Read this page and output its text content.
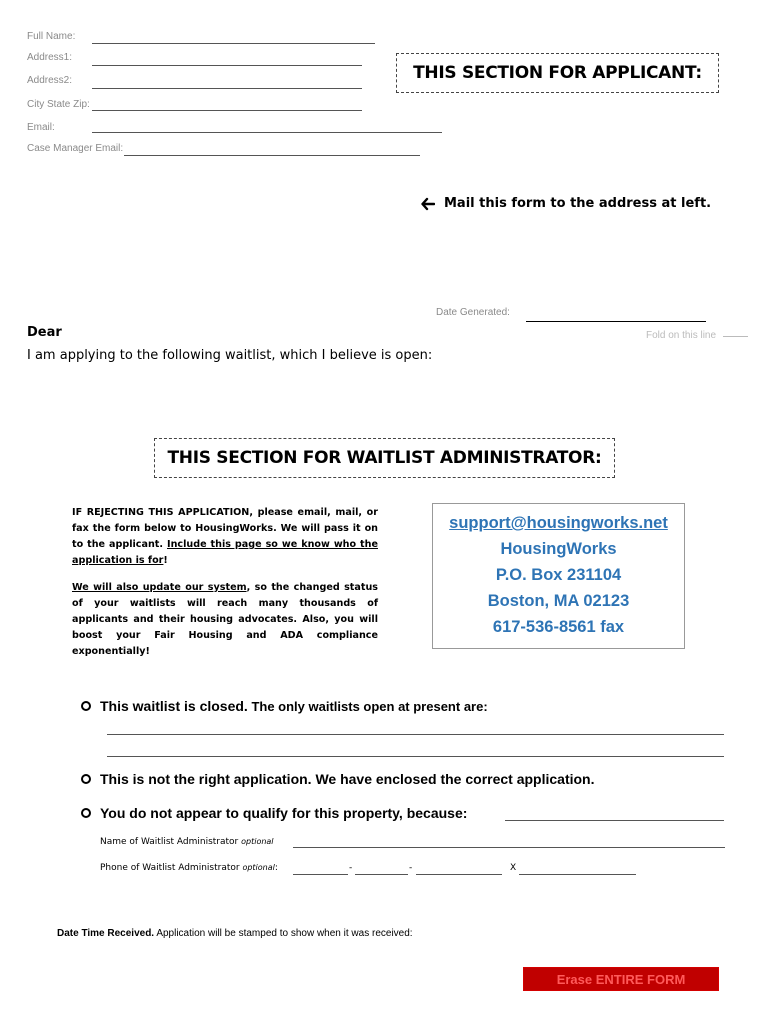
Full Name:
Address1:
Address2:
City State Zip:
Email:
Case Manager Email:
THIS SECTION FOR APPLICANT:
Mail this form to the address at left.
Date Generated:
Fold on this line
Dear
I am applying to the following waitlist, which I believe is open:
THIS SECTION FOR WAITLIST ADMINISTRATOR:
IF REJECTING THIS APPLICATION, please email, mail, or fax the form below to HousingWorks. We will pass it on to the applicant. Include this page so we know who the application is for!
We will also update our system, so the changed status of your waitlists will reach many thousands of applicants and their housing advocates. Also, you will boost your Fair Housing and ADA compliance exponentially!
support@housingworks.net
HousingWorks
P.O. Box 231104
Boston, MA 02123
617-536-8561 fax
This waitlist is closed. The only waitlists open at present are:
This is not the right application. We have enclosed the correct application.
You do not appear to qualify for this property, because:
Name of Waitlist Administrator optional
Phone of Waitlist Administrator optional:	-	-	X
Date Time Received. Application will be stamped to show when it was received:
Erase ENTIRE FORM
